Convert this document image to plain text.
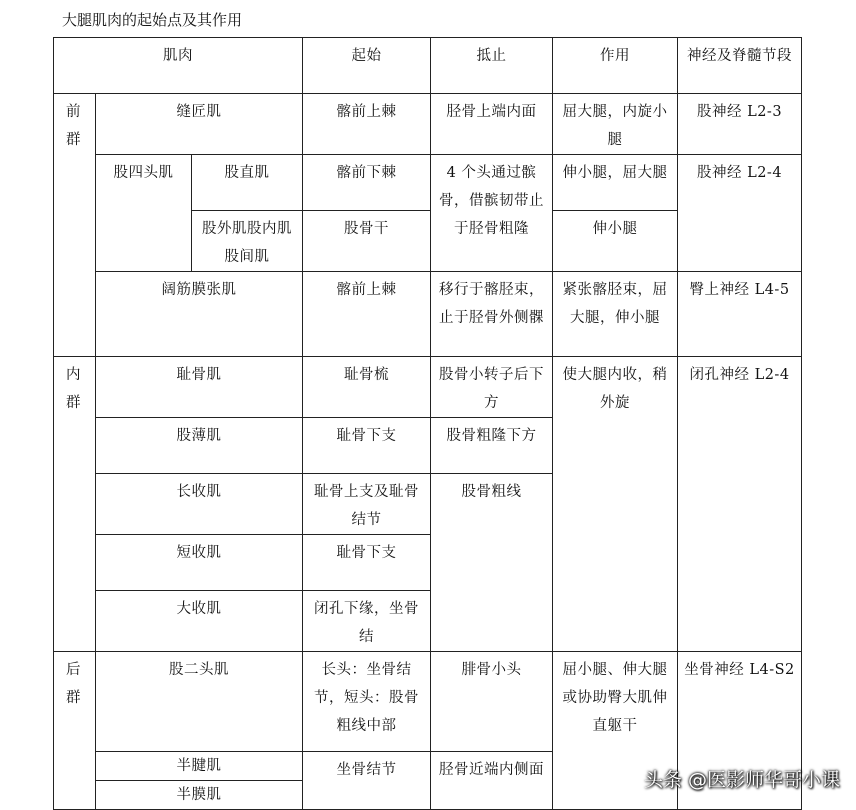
大腿肌肉的起始点及其作用
肌肉			起始	抵止	作用	神经及脊髓节段
前群	缝匠肌		髂前上棘	胫骨上端内面	屈大腿，内旋小腿	股神经 L2-3
	股四头肌	股直肌	髂前下棘	4 个头通过髌骨，借髌韧带止于胫骨粗隆	伸小腿，屈大腿	股神经 L2-4
		股外肌股内肌股间肌	股骨干		伸小腿	
	阔筋膜张肌		髂前上棘	移行于髂胫束，止于胫骨外侧髁	紧张髂胫束，屈大腿，伸小腿	臀上神经 L4-5
内群	耻骨肌		耻骨梳	股骨小转子后下方	使大腿内收，稍外旋	闭孔神经 L2-4
	股薄肌		耻骨下支	股骨粗隆下方		
	长收肌		耻骨上支及耻骨结节	股骨粗线		
	短收肌		耻骨下支			
	大收肌		闭孔下缘，坐骨结			
后群	股二头肌		长头：坐骨结节，短头：股骨粗线中部	腓骨小头	屈小腿、伸大腿或协助臀大肌伸直躯干	坐骨神经 L4-S2
	半腱肌		坐骨结节	胫骨近端内侧面		
	半膜肌					
头条 @医影师华哥小课
